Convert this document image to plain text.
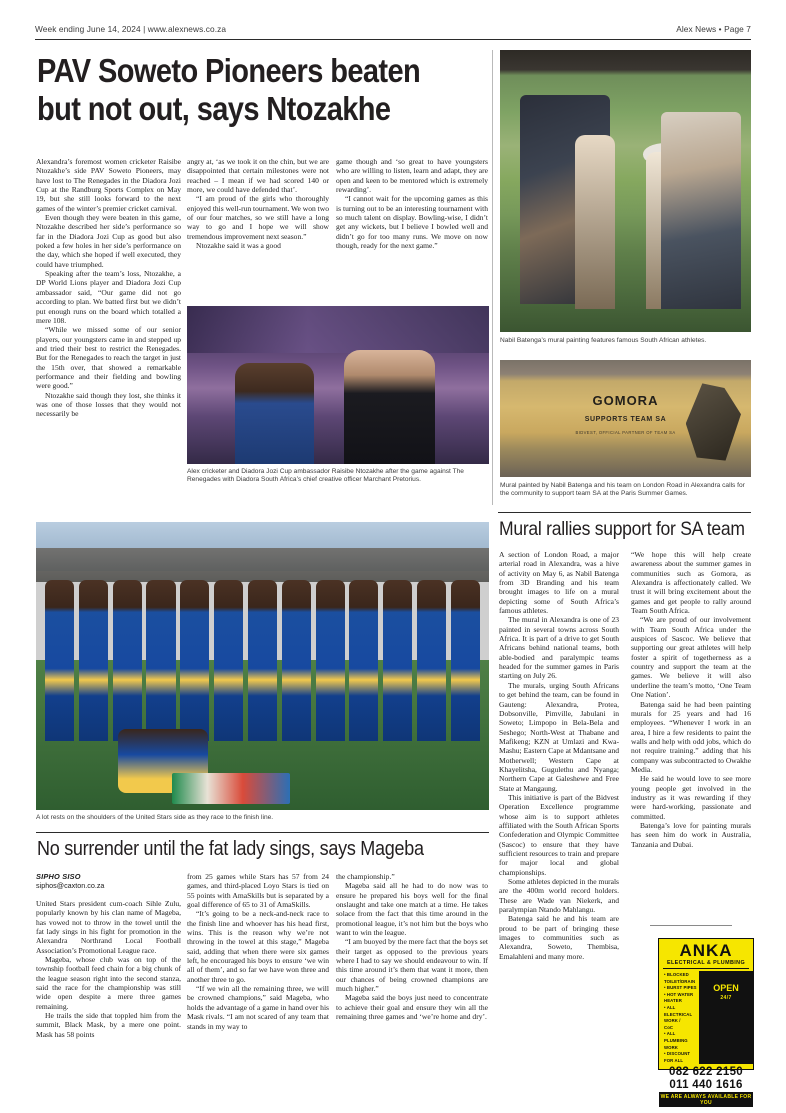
Week ending June 14, 2024 | www.alexnews.co.za	Alex News • Page 7
PAV Soweto Pioneers beaten
but not out, says Ntozakhe

Alexandra’s foremost women cricketer Raisibe Ntozakhe’s side PAV Soweto Pioneers, may have lost to The Renegades in the Diadora Jozi Cup at the Randburg Sports Complex on May 19, but she still looks forward to the next games of the winter’s premier cricket carnival.

Even though they were beaten in this game, Ntozakhe described her side’s performance so far in the Diadora Jozi Cup as good but also poked a few holes in her side’s performance on the day, which she hoped if well executed, they could have triumphed.

Speaking after the team’s loss, Ntozakhe, a DP World Lions player and Diadora Jozi Cup ambassador said, “Our game did not go according to plan. We batted first but we didn’t put enough runs on the board which totalled a mere 108.

“While we missed some of our senior players, our youngsters came in and stepped up and tried their best to restrict the Renegades. But for the Renegades to reach the target in just the 15th over, that showed a remarkable performance and their fielding and bowling were good.”

Ntozakhe said though they lost, she thinks it was one of those losses that they would not necessarily be

angry at, ‘as we took it on the chin, but we are disappointed that certain milestones were not reached – I mean if we had scored 140 or more, we could have defended that’.

“I am proud of the girls who thoroughly enjoyed this well-run tournament. We won two of our four matches, so we still have a long way to go and I hope we will show tremendous improvement next season.”

Ntozakhe said it was a good

game though and ‘so great to have youngsters who are willing to listen, learn and adapt, they are open and keen to be mentored which is extremely rewarding’.

“I cannot wait for the upcoming games as this is turning out to be an interesting tournament with so much talent on display. Bowling-wise, I didn’t get any wickets, but I believe I bowled well and didn’t go for too many runs. We move on now though, ready for the next game.”

Alex cricketer and Diadora Jozi Cup ambassador Raisibe Ntozakhe after the game against The Renegades with Diadora South Africa’s chief creative officer Marchant Pretorius.
Nabil Batenga’s mural painting features famous South African athletes.
GOMORA
SUPPORTS TEAM SA
BIDVEST, OFFICIAL PARTNER OF TEAM SA
Mural painted by Nabil Batenga and his team on London Road in Alexandra calls for the community to support team SA at the Paris Summer Games.
Mural rallies support for SA team

A section of London Road, a major arterial road in Alexandra, was a hive of activity on May 6, as Nabil Batenga from 3D Branding and his team brought images to life on a mural depicting some of South Africa’s famous athletes.

The mural in Alexandra is one of 23 painted in several towns across South Africa. It is part of a drive to get South Africans behind national teams, both able-bodied and paralympic teams headed for the summer games in Paris starting on July 26.

The murals, urging South Africans to get behind the team, can be found in Gauteng: Alexandra, Protea, Dobsonville, Pimville, Jabulani in Soweto; Limpopo in Bela-Bela and Seshego; North-West at Thabane and Mafikeng; KZN at Umlazi and Kwa-Mashu; Eastern Cape at Mdantsane and Motherwell; Western Cape at Khayelitsha, Gugulethu and Nyanga; Northern Cape at Galeshewe and Free State at Mangaung.

This initiative is part of the Bidvest Operation Excellence programme whose aim is to support athletes affiliated with the South African Sports Confederation and Olympic Committee (Sascoc) to ensure that they have sufficient resources to train and prepare for major local and global championships.

Some athletes depicted in the murals are the 400m world record holders. These are Wade van Niekerk, and paralympian Ntando Mahlangu.

Batenga said he and his team are proud to be part of bringing these images to communities such as Alexandra, Soweto, Thembisa, Emalahleni and many more.

“We hope this will help create awareness about the summer games in communities such as Gomora, as Alexandra is affectionately called. We trust it will bring excitement about the games and get people to rally around Team South Africa.

“We are proud of our involvement with Team South Africa under the auspices of Sascoc. We believe that supporting our great athletes will help foster a spirit of togetherness as a country and support the team at the games. We believe it will also underline the team’s motto, ‘One Team One Nation’.

Batenga said he had been painting murals for 25 years and had 16 employees. “Whenever I work in an area, I hire a few residents to paint the walls and help with odd jobs, which do not require training.” adding that his company was subcontracted to Owakhe Media.

He said he would love to see more young people get involved in the industry as it was rewarding if they were hard-working, passionate and committed.

Batenga’s love for painting murals has seen him do work in Australia, Tanzania and Dubai.

A lot rests on the shoulders of the United Stars side as they race to the finish line.
No surrender until the fat lady sings, says Mageba
SIPHO SISO
siphos@caxton.co.za

United Stars president cum-coach Sihle Zulu, popularly known by his clan name of Mageba, has vowed not to throw in the towel until the fat lady sings in his fight for promotion in the Alexandra Northrand Local Football Association’s Promotional League race.

Mageba, whose club was on top of the township football feed chain for a big chunk of the league season right into the second stanza, said the race for the championship was still wide open despite a mere three games remaining.

He trails the side that toppled him from the summit, Black Mask, by a mere one point. Mask has 58 points

from 25 games while Stars has 57 from 24 games, and third-placed Loyo Stars is tied on 55 points with AmaSkills but is separated by a goal difference of 65 to 31 of AmaSkills.

“It’s going to be a neck-and-neck race to the finish line and whoever has his head first, wins. This is the reason why we’re not throwing in the towel at this stage,” Mageba said, adding that when there were six games left, he encouraged his boys to ensure ‘we win all of them’, and so far we have won three and another three to go.

“If we win all the remaining three, we will be crowned champions,” said Mageba, who holds the advantage of a game in hand over his Mask rivals. “I am not scared of any team that stands in my way to

the championship.”

Mageba said all he had to do now was to ensure he prepared his boys well for the final onslaught and take one match at a time. He takes solace from the fact that this time around in the promotional league, it’s not him but the boys who want to win the league.

“I am buoyed by the mere fact that the boys set their target as opposed to the previous years where I had to say we should endeavour to win. If this time around it’s them that want it more, then our chances of being crowned champions are much higher.”

Mageba said the boys just need to concentrate to achieve their goal and ensure they win all the remaining three games and ‘we’re home and dry’.

ANKA
ELECTRICAL & PLUMBING
• BLOCKED TOILET/DRAIN
• BURST PIPES
• HOT WATER HEATER
• ALL ELECTRICAL WORK /
CoC
• ALL PLUMBING WORK
• DISCOUNT FOR ALL
OPEN
24/7
082 622 2150
011 440 1616
WE ARE ALWAYS AVAILABLE FOR YOU
